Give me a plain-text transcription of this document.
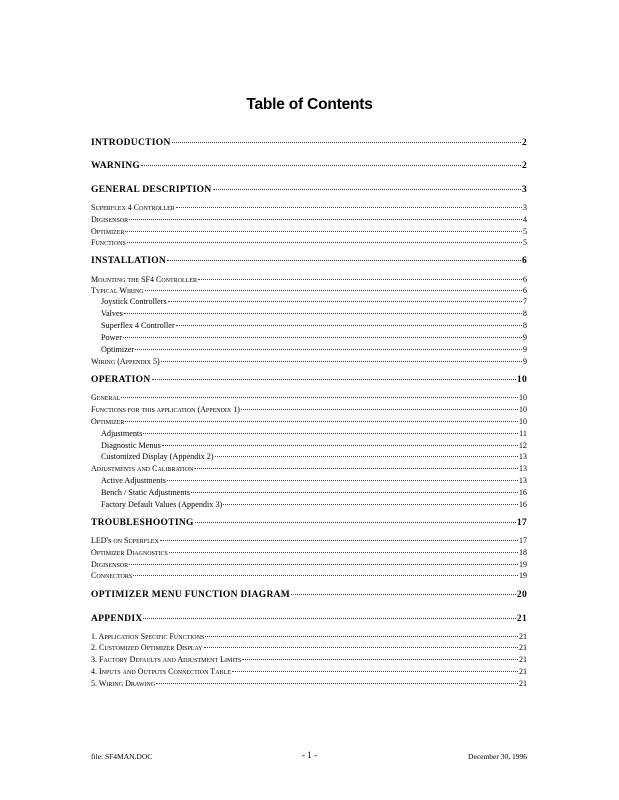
Table of Contents
INTRODUCTION	2
WARNING	2
GENERAL DESCRIPTION	3
Superflex 4 Controller	3
Digisensor	4
Optimizer	5
Functions	5
INSTALLATION	6
Mounting the SF4 Controller	6
Typical Wiring	6
Joystick Controllers	7
Valves	8
Superflex 4 Controller	8
Power	9
Optimizer	9
Wiring (Appendix 5)	9
OPERATION	10
General	10
Functions for this application (Appendix 1)	10
Optimizer	10
Adjustments	11
Diagnostic Menus	12
Customized Display (Appendix 2)	13
Adjustments and Calibration	13
Active Adjustments	13
Bench / Static Adjustments	16
Factory Default Values (Appendix 3)	16
TROUBLESHOOTING	17
LED's on Superflex	17
Optimizer Diagnostics	18
Digisensor	19
Connectors	19
OPTIMIZER MENU FUNCTION DIAGRAM	20
APPENDIX	21
1. Application Specific Functions	21
2. Customized Optimizer Display	21
3. Factory Defaults and Adjustment Limits	21
4. Inputs and Outputs Connection Table	21
5. Wiring Drawing	21
file: SF4MAN.DOC	- 1 -	December 30, 1996
